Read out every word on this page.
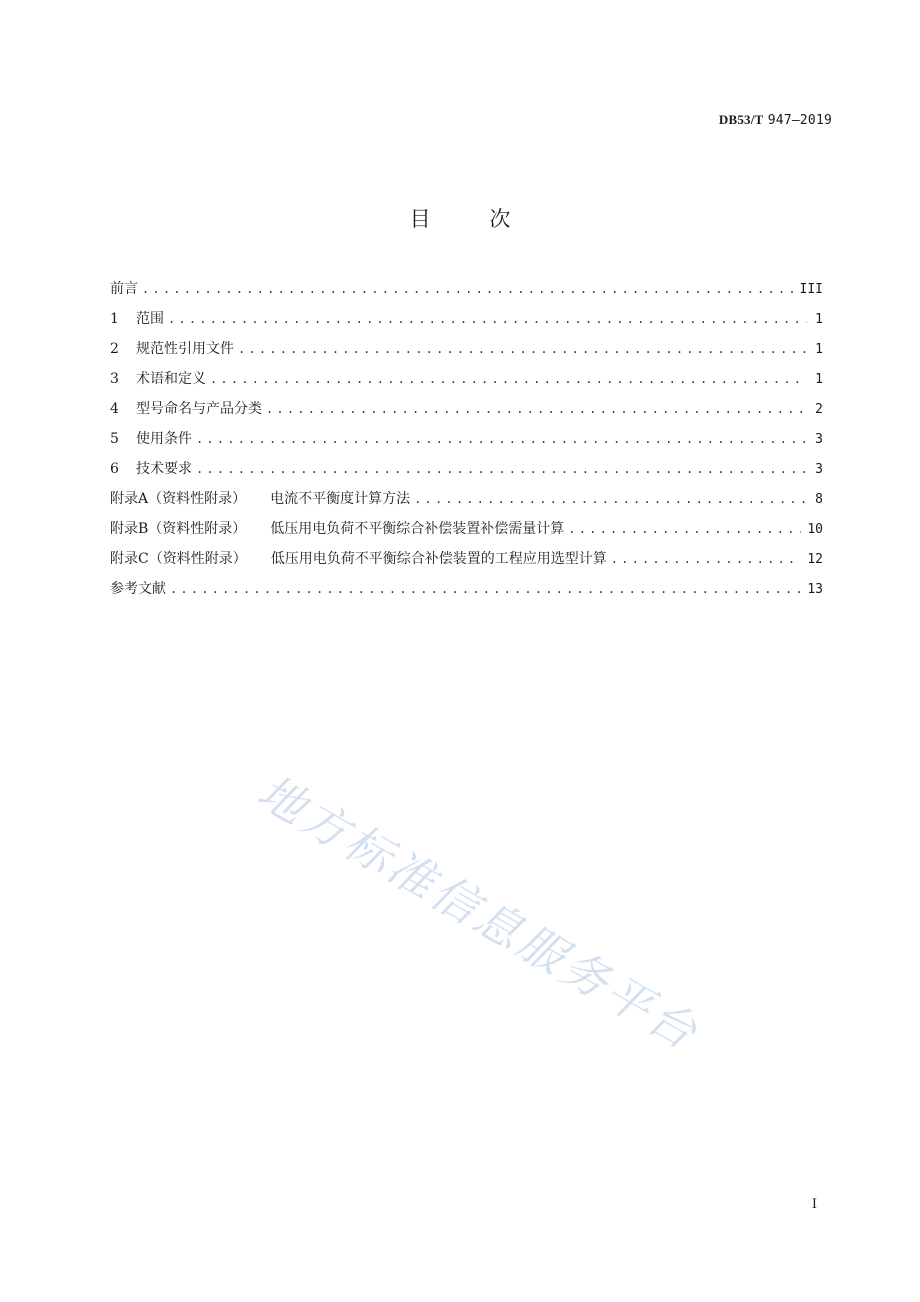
DB53/T 947—2019
目 次
前言 .....	III
1 范围 .....	1
2 规范性引用文件 .....	1
3 术语和定义 .....	1
4 型号命名与产品分类 .....	2
5 使用条件 .....	3
6 技术要求 .....	3
附录A（资料性附录） 电流不平衡度计算方法 .....	8
附录B（资料性附录） 低压用电负荷不平衡综合补偿装置补偿需量计算 .....	10
附录C（资料性附录） 低压用电负荷不平衡综合补偿装置的工程应用选型计算 .....	12
参考文献 .....	13
地方标准信息服务平台
I
